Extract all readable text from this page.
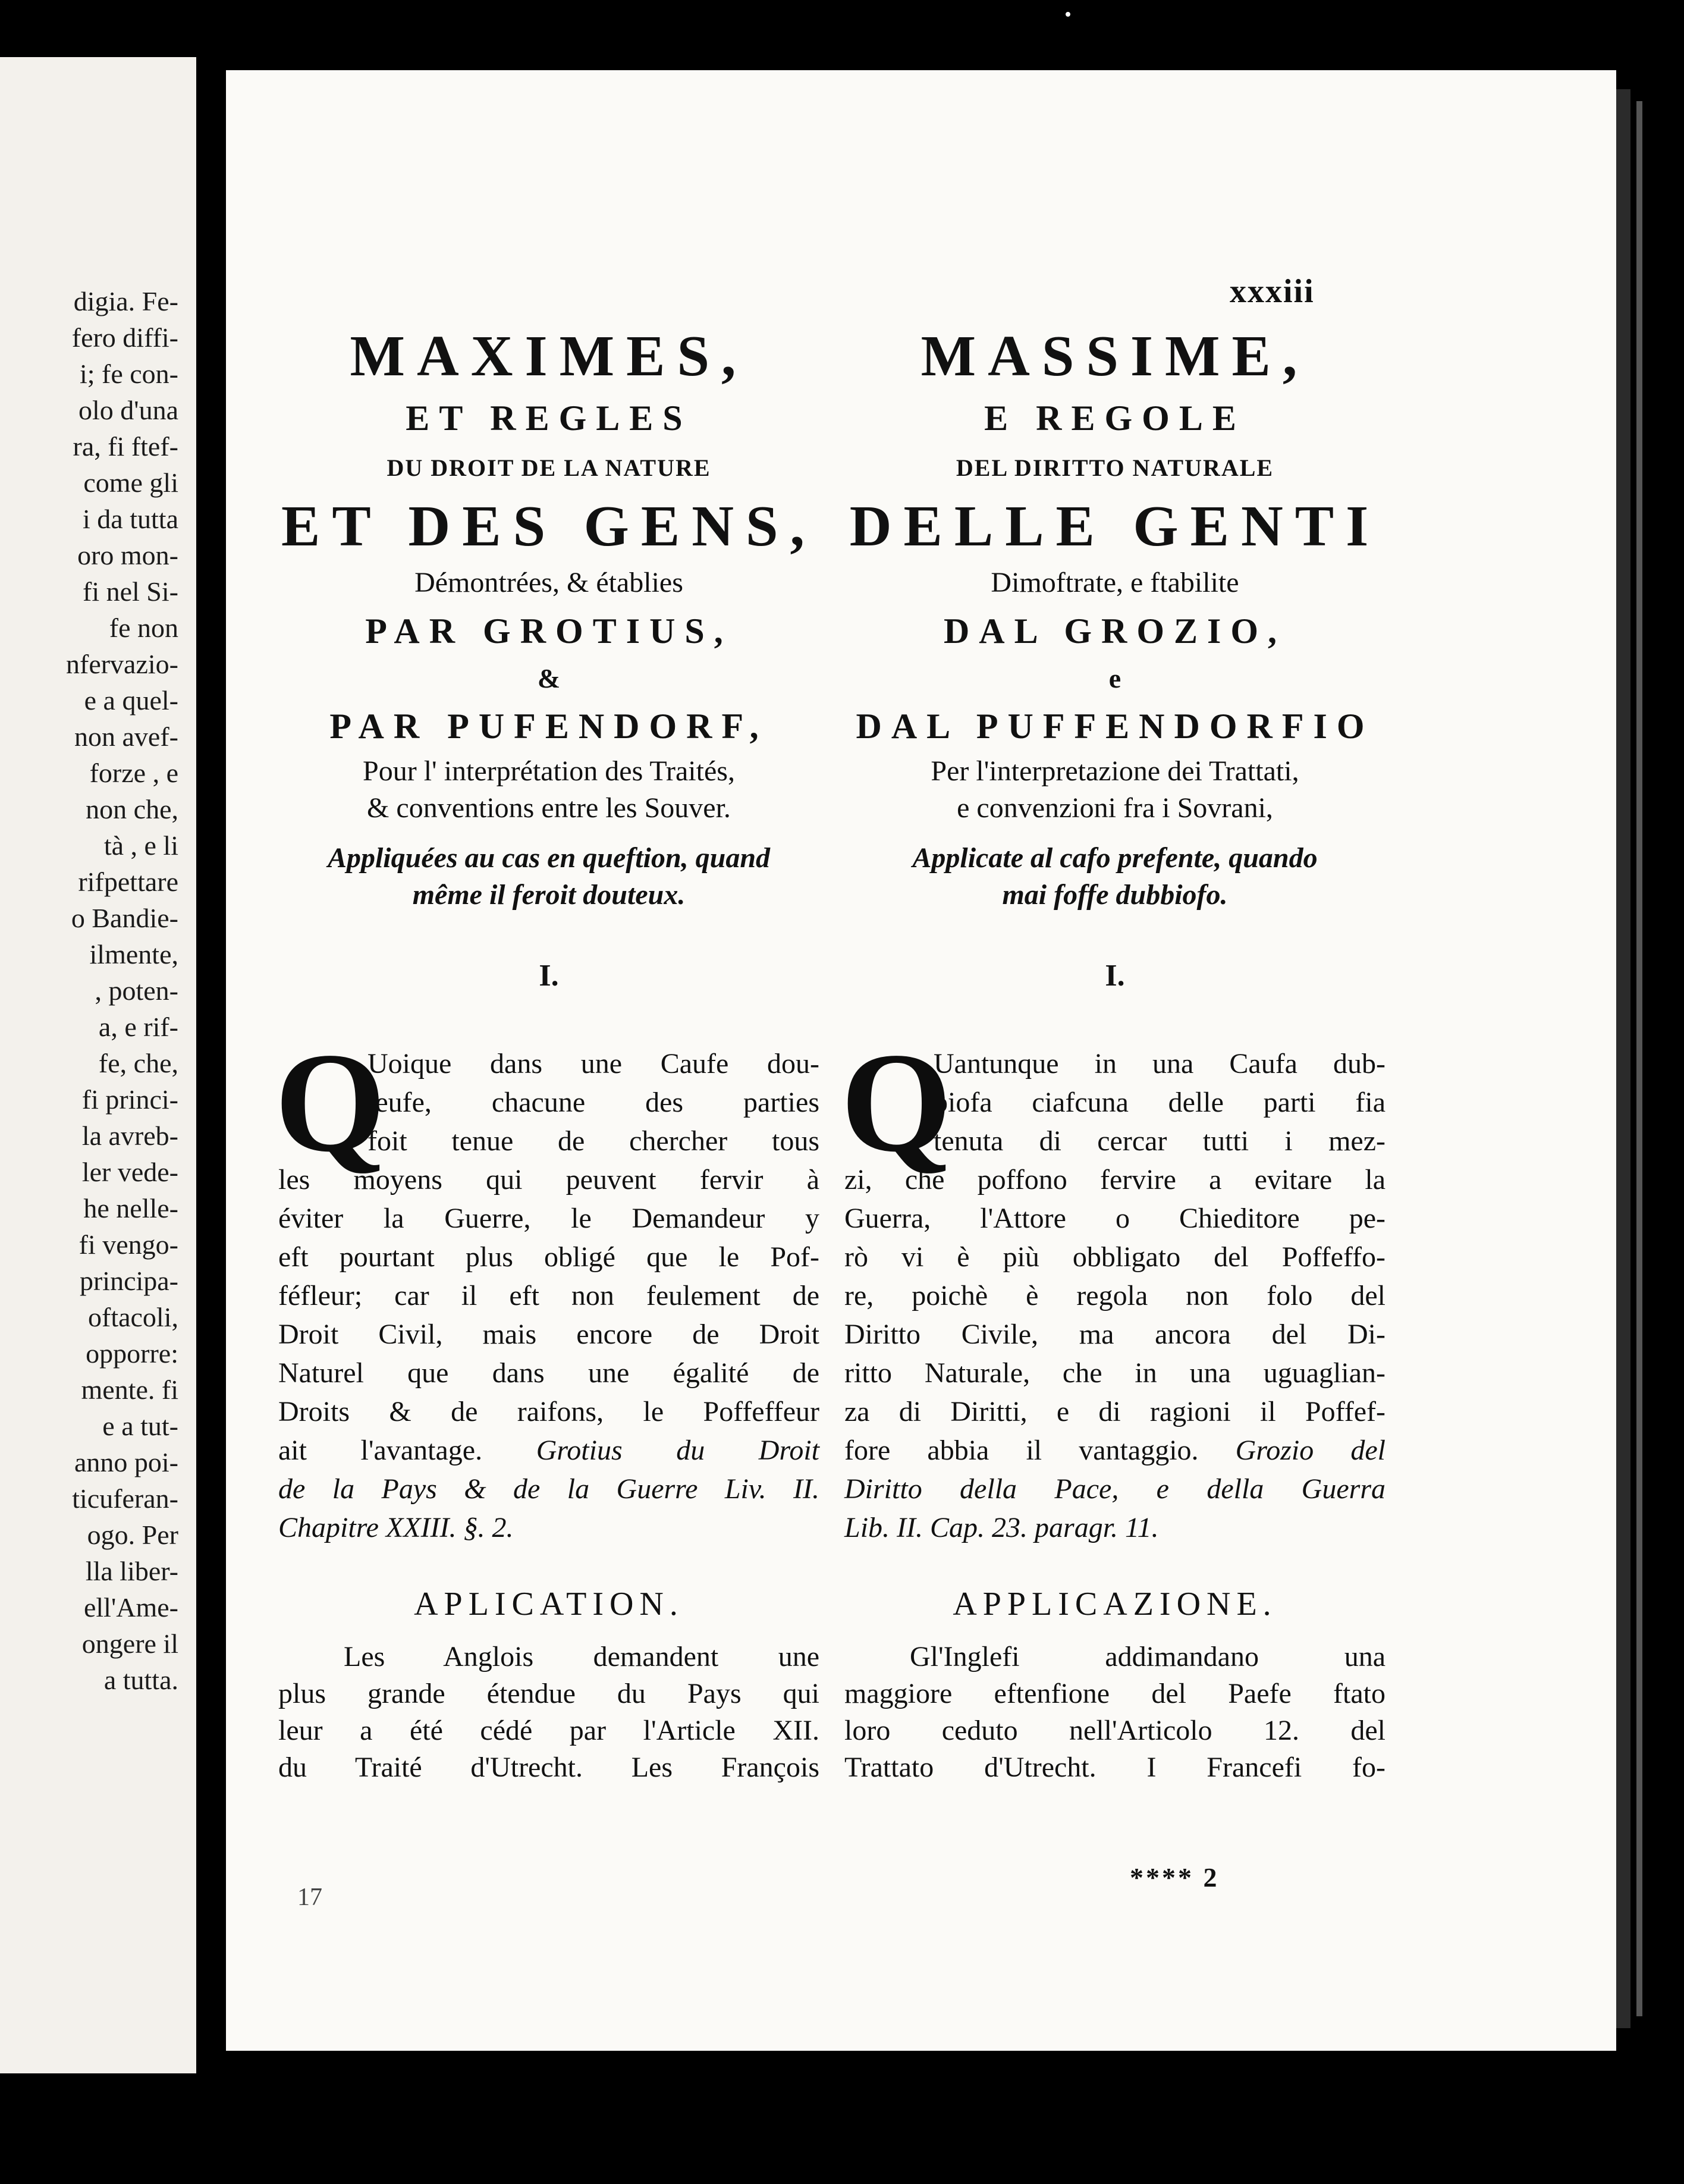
digia. Fe-
fero diffi-
i; fe con-
olo d'una
ra, fi ftef-
come gli
i da tutta
oro mon-
fi nel Si-
fe non
nfervazio-
e a quel-
non avef-
forze , e
non che,
tà , e li
rifpettare
o Bandie-
ilmente,
, poten-
a, e rif-
fe, che,
fi princi-
la avreb-
ler vede-
he nelle-
fi vengo-
principa-
oftacoli,
opporre:
mente. fi
e a tut-
anno poi-
ticuferan-
ogo. Per
lla liber-
ell'Ame-
ongere il
a tutta.
xxxiii
MAXIMES,
ET REGLES
DU DROIT DE LA NATURE
ET DES GENS,
Démontrées, & établies
PAR GROTIUS,
&
PAR PUFENDORF,
Pour l' interprétation des Traités,
& conventions entre les Souver.
Appliquées au cas en queftion, quand
même il feroit douteux.
I.
Q
Uoique dans une Caufe dou-
teufe, chacune des parties
foit tenue de chercher tous
les moyens qui peuvent fervir à
éviter la Guerre, le Demandeur y
eft pourtant plus obligé que le Pof-
féfleur; car il eft non feulement de
Droit Civil, mais encore de Droit
Naturel que dans une égalité de
Droits & de raifons, le Poffeffeur
ait l'avantage. Grotius du Droit
de la Pays & de la Guerre Liv. II.
Chapitre XXIII. §. 2.
APLICATION.
Les Anglois demandent une
plus grande étendue du Pays qui
leur a été cédé par l'Article XII.
du Traité d'Utrecht. Les François
MASSIME,
E REGOLE
DEL DIRITTO NATURALE
DELLE GENTI
Dimoftrate, e ftabilite
DAL GROZIO,
e
DAL PUFFENDORFIO
Per l'interpretazione dei Trattati,
e convenzioni fra i Sovrani,
Applicate al cafo prefente, quando
mai foffe dubbiofo.
I.
Q
Uantunque in una Caufa dub-
biofa ciafcuna delle parti fia
tenuta di cercar tutti i mez-
zi, che poffono fervire a evitare la
Guerra, l'Attore o Chieditore pe-
rò vi è più obbligato del Poffeffo-
re, poichè è regola non folo del
Diritto Civile, ma ancora del Di-
ritto Naturale, che in una uguaglian-
za di Diritti, e di ragioni il Poffef-
fore abbia il vantaggio. Grozio del
Diritto della Pace, e della Guerra
Lib. II. Cap. 23. paragr. 11.
APPLICAZIONE.
Gl'Inglefi addimandano una
maggiore eftenfione del Paefe ftato
loro ceduto nell'Articolo 12. del
Trattato d'Utrecht. I Francefi fo-
**** 2
17
